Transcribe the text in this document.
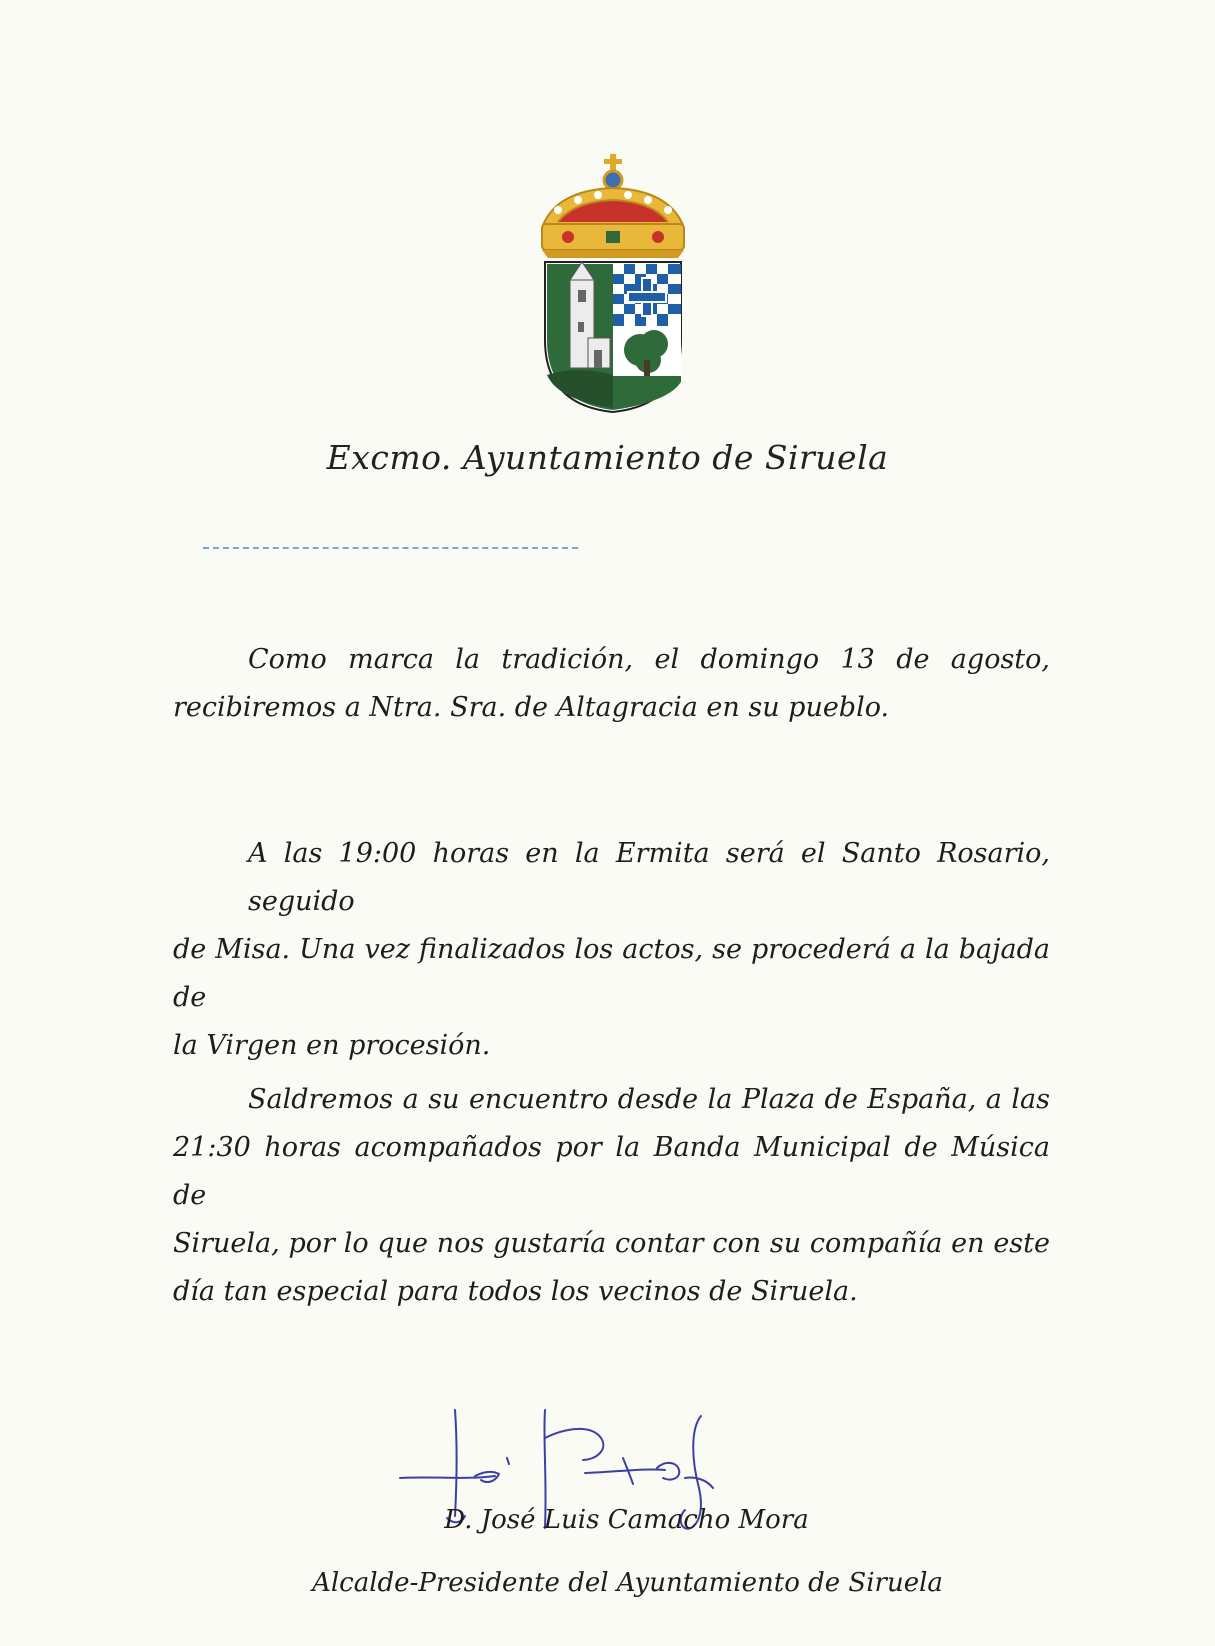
Excmo. Ayuntamiento de Siruela
Como marca la tradición, el domingo 13 de agosto,
recibiremos a Ntra. Sra. de Altagracia en su pueblo.
A las 19:00 horas en la Ermita será el Santo Rosario, seguido
de Misa. Una vez finalizados los actos, se procederá a la bajada de
la Virgen en procesión.
Saldremos a su encuentro desde la Plaza de España, a las
21:30 horas acompañados por la Banda Municipal de Música de
Siruela, por lo que nos gustaría contar con su compañía en este
día tan especial para todos los vecinos de Siruela.
D. José Luis Camacho Mora
Alcalde-Presidente del Ayuntamiento de Siruela
